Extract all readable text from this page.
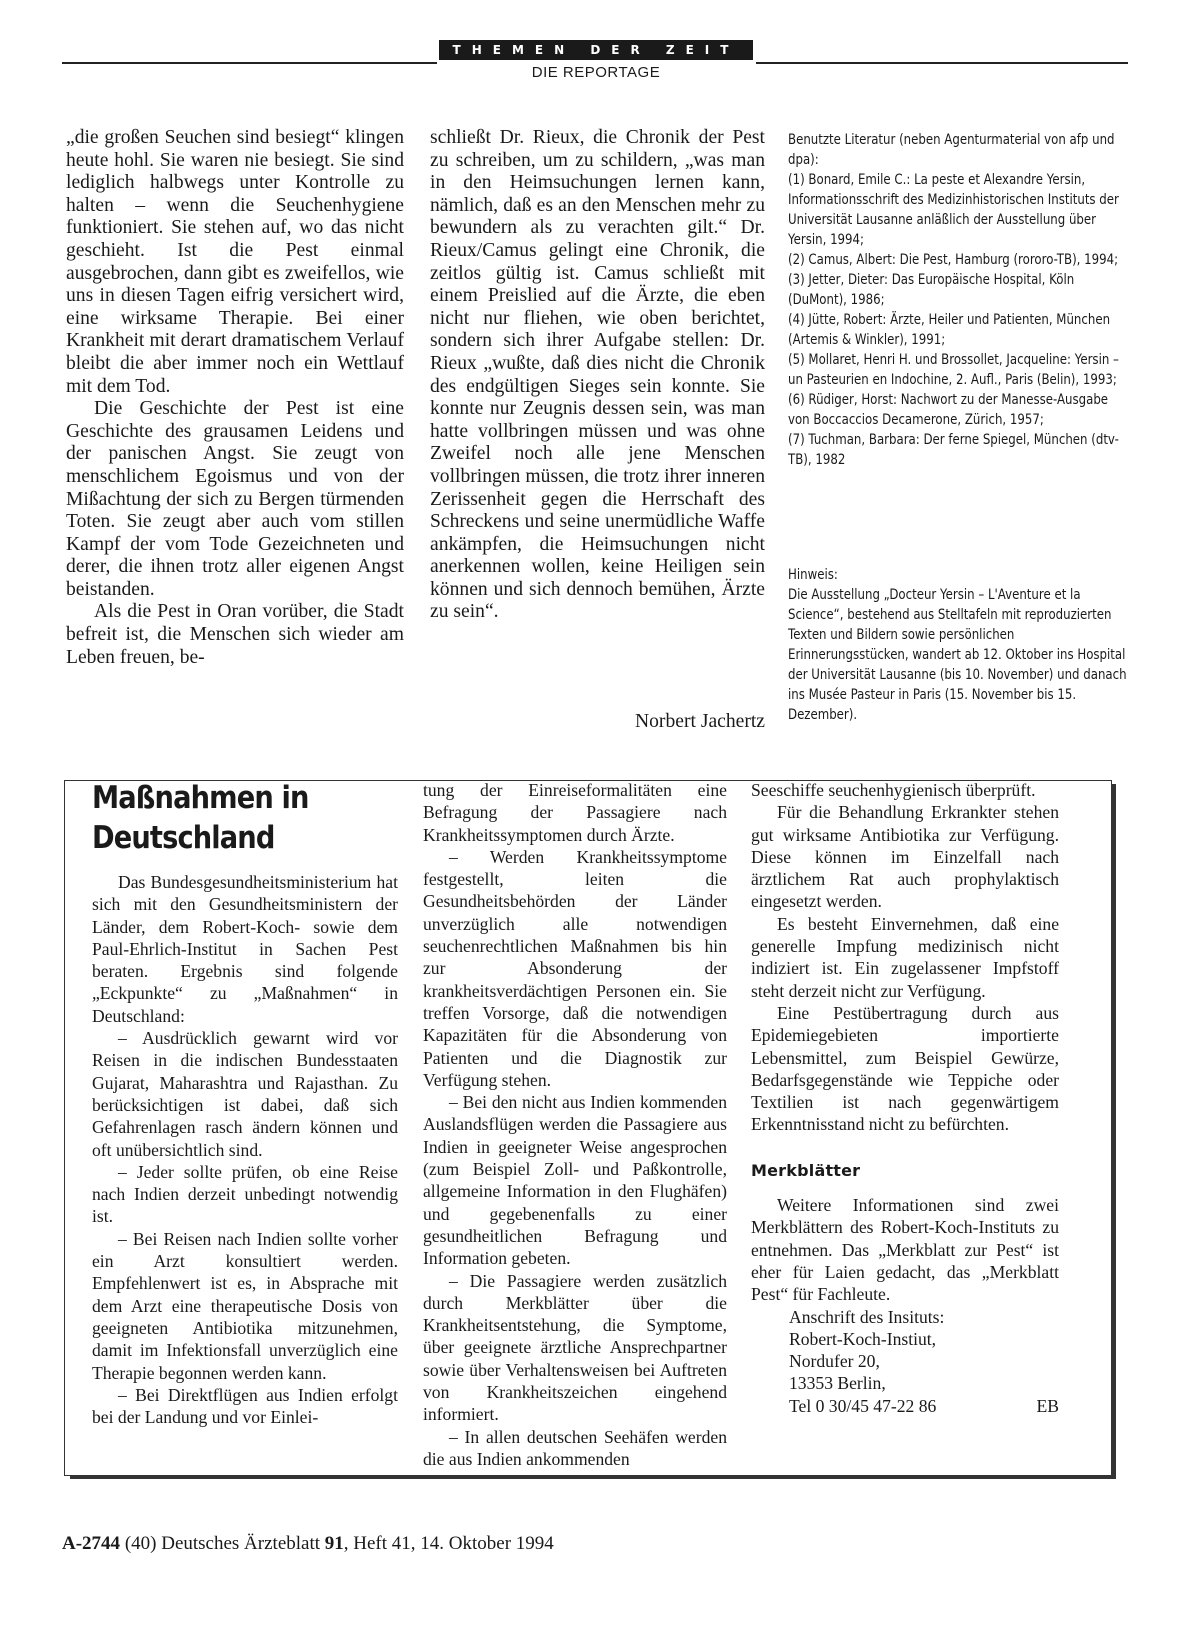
THEMEN DER ZEIT
DIE REPORTAGE

„die großen Seuchen sind besiegt“ klingen heute hohl. Sie waren nie besiegt. Sie sind lediglich halbwegs unter Kontrolle zu halten – wenn die Seuchenhygiene funktioniert. Sie stehen auf, wo das nicht geschieht. Ist die Pest einmal ausgebrochen, dann gibt es zweifellos, wie uns in diesen Tagen eifrig versichert wird, eine wirksame Therapie. Bei einer Krankheit mit derart dramatischem Verlauf bleibt die aber immer noch ein Wettlauf mit dem Tod.

Die Geschichte der Pest ist eine Geschichte des grausamen Leidens und der panischen Angst. Sie zeugt von menschlichem Egoismus und von der Mißachtung der sich zu Bergen türmenden Toten. Sie zeugt aber auch vom stillen Kampf der vom Tode Gezeichneten und derer, die ihnen trotz aller eigenen Angst beistanden.

Als die Pest in Oran vorüber, die Stadt befreit ist, die Menschen sich wieder am Leben freuen, be-

schließt Dr. Rieux, die Chronik der Pest zu schreiben, um zu schildern, „was man in den Heimsuchungen lernen kann, nämlich, daß es an den Menschen mehr zu bewundern als zu verachten gilt.“ Dr. Rieux/Camus gelingt eine Chronik, die zeitlos gültig ist. Camus schließt mit einem Preislied auf die Ärzte, die eben nicht nur fliehen, wie oben berichtet, sondern sich ihrer Aufgabe stellen: Dr. Rieux „wußte, daß dies nicht die Chronik des endgültigen Sieges sein konnte. Sie konnte nur Zeugnis dessen sein, was man hatte vollbringen müssen und was ohne Zweifel noch alle jene Menschen vollbringen müssen, die trotz ihrer inneren Zerissenheit gegen die Herrschaft des Schreckens und seine unermüdliche Waffe ankämpfen, die Heimsuchungen nicht anerkennen wollen, keine Heiligen sein können und sich dennoch bemühen, Ärzte zu sein“.

Norbert Jachertz

Benutzte Literatur (neben Agenturmaterial von afp und dpa):

(1) Bonard, Emile C.: La peste et Alexandre Yersin, Informationsschrift des Medizinhistorischen Instituts der Universität Lausanne anläßlich der Ausstellung über Yersin, 1994;

(2) Camus, Albert: Die Pest, Hamburg (rororo-TB), 1994;

(3) Jetter, Dieter: Das Europäische Hospital, Köln (DuMont), 1986;

(4) Jütte, Robert: Ärzte, Heiler und Patienten, München (Artemis & Winkler), 1991;

(5) Mollaret, Henri H. und Brossollet, Jacqueline: Yersin – un Pasteurien en Indochine, 2. Aufl., Paris (Belin), 1993;

(6) Rüdiger, Horst: Nachwort zu der Manesse-Ausgabe von Boccaccios Decamerone, Zürich, 1957;

(7) Tuchman, Barbara: Der ferne Spiegel, München (dtv-TB), 1982

Hinweis:

Die Ausstellung „Docteur Yersin – L'Aventure et la Science“, bestehend aus Stelltafeln mit reproduzierten Texten und Bildern sowie persönlichen Erinnerungsstücken, wandert ab 12. Oktober ins Hospital der Universität Lausanne (bis 10. November) und danach ins Musée Pasteur in Paris (15. November bis 15. Dezember).

Maßnahmen in
Deutschland

Das Bundesgesundheitsministerium hat sich mit den Gesundheitsministern der Länder, dem Robert-Koch- sowie dem Paul-Ehrlich-Institut in Sachen Pest beraten. Ergebnis sind folgende „Eckpunkte“ zu „Maßnahmen“ in Deutschland:

– Ausdrücklich gewarnt wird vor Reisen in die indischen Bundesstaaten Gujarat, Maharashtra und Rajasthan. Zu berücksichtigen ist dabei, daß sich Gefahrenlagen rasch ändern können und oft unübersichtlich sind.

– Jeder sollte prüfen, ob eine Reise nach Indien derzeit unbedingt notwendig ist.

– Bei Reisen nach Indien sollte vorher ein Arzt konsultiert werden. Empfehlenwert ist es, in Absprache mit dem Arzt eine therapeutische Dosis von geeigneten Antibiotika mitzunehmen, damit im Infektionsfall unverzüglich eine Therapie begonnen werden kann.

– Bei Direktflügen aus Indien erfolgt bei der Landung und vor Einlei-

tung der Einreiseformalitäten eine Befragung der Passagiere nach Krankheitssymptomen durch Ärzte.

– Werden Krankheitssymptome festgestellt, leiten die Gesundheitsbehörden der Länder unverzüglich alle notwendigen seuchenrechtlichen Maßnahmen bis hin zur Absonderung der krankheitsverdächtigen Personen ein. Sie treffen Vorsorge, daß die notwendigen Kapazitäten für die Absonderung von Patienten und die Diagnostik zur Verfügung stehen.

– Bei den nicht aus Indien kommenden Auslandsflügen werden die Passagiere aus Indien in geeigneter Weise angesprochen (zum Beispiel Zoll- und Paßkontrolle, allgemeine Information in den Flughäfen) und gegebenenfalls zu einer gesundheitlichen Befragung und Information gebeten.

– Die Passagiere werden zusätzlich durch Merkblätter über die Krankheitsentstehung, die Symptome, über geeignete ärztliche Ansprechpartner sowie über Verhaltensweisen bei Auftreten von Krankheitszeichen eingehend informiert.

– In allen deutschen Seehäfen werden die aus Indien ankommenden

Seeschiffe seuchenhygienisch überprüft.

Für die Behandlung Erkrankter stehen gut wirksame Antibiotika zur Verfügung. Diese können im Einzelfall nach ärztlichem Rat auch prophylaktisch eingesetzt werden.

Es besteht Einvernehmen, daß eine generelle Impfung medizinisch nicht indiziert ist. Ein zugelassener Impfstoff steht derzeit nicht zur Verfügung.

Eine Pestübertragung durch aus Epidemiegebieten importierte Lebensmittel, zum Beispiel Gewürze, Bedarfsgegenstände wie Teppiche oder Textilien ist nach gegenwärtigem Erkenntnisstand nicht zu befürchten.

Merkblätter

Weitere Informationen sind zwei Merkblättern des Robert-Koch-Instituts zu entnehmen. Das „Merkblatt zur Pest“ ist eher für Laien gedacht, das „Merkblatt Pest“ für Fachleute.

Anschrift des Insituts:

Robert-Koch-Instiut,

Nordufer 20,

13353 Berlin,

Tel 0 30/45 47-22 86	EB

A-2744 (40) Deutsches Ärzteblatt 91, Heft 41, 14. Oktober 1994
